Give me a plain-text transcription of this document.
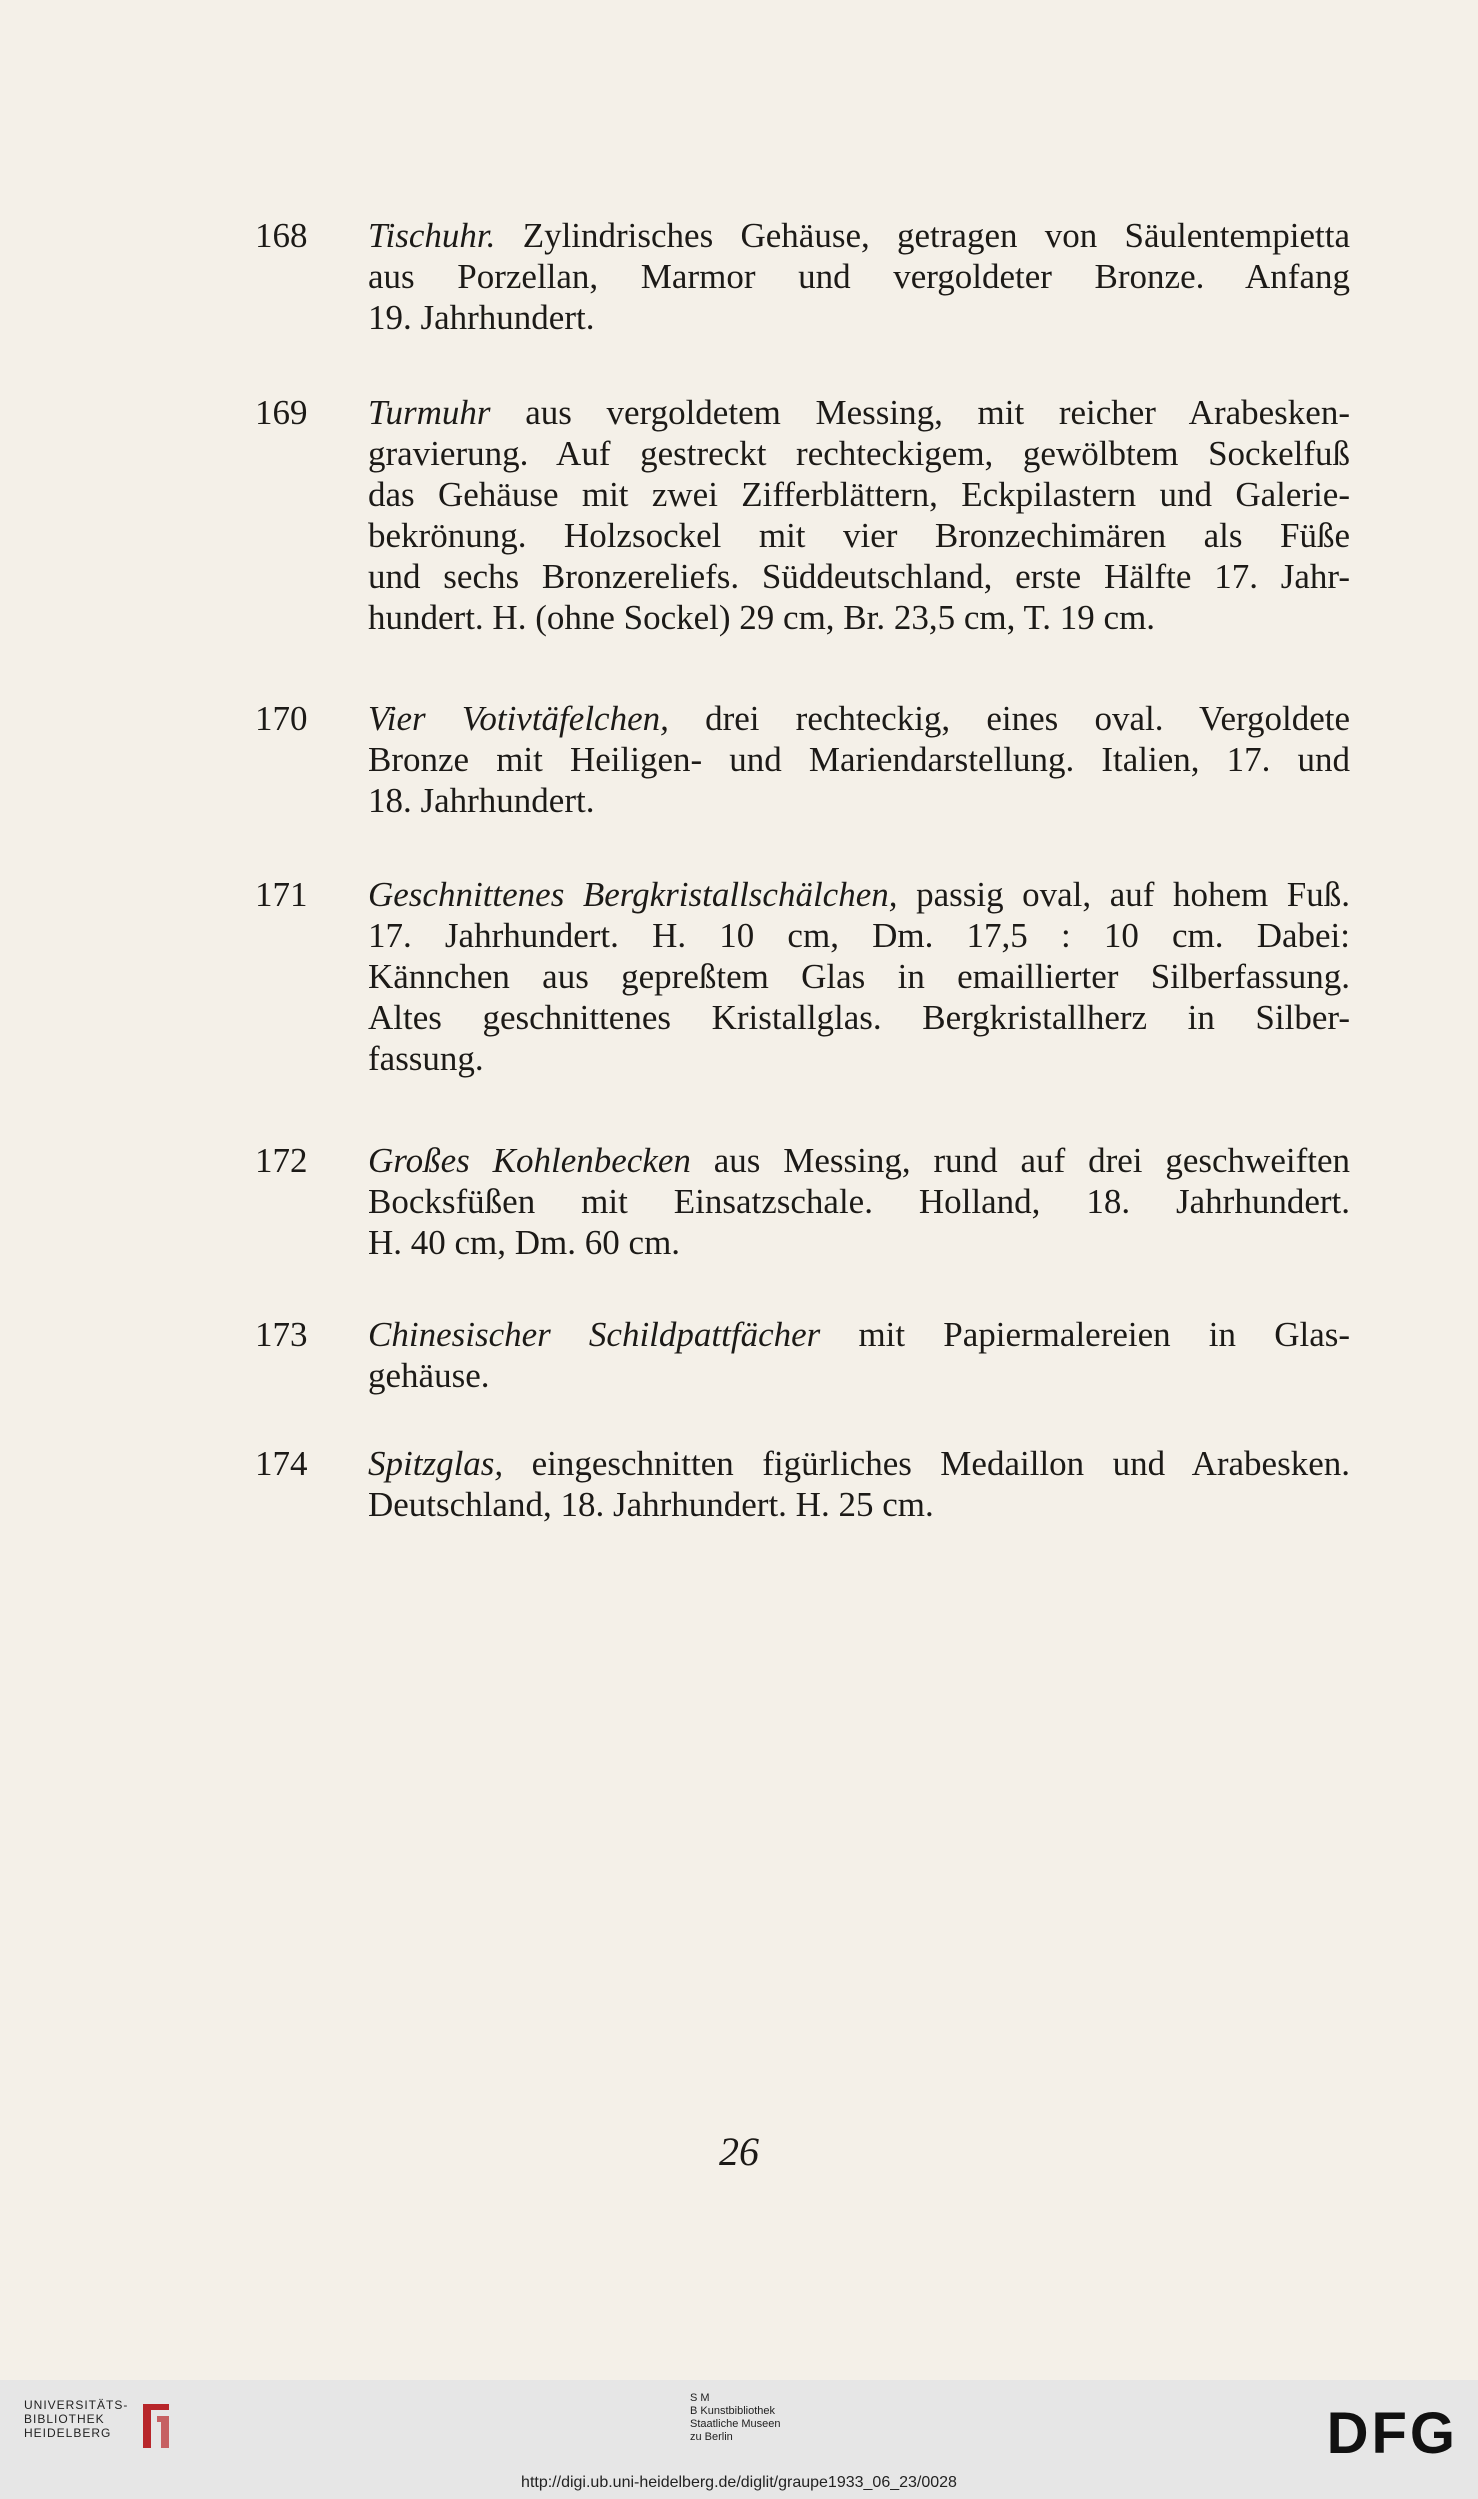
168	Tischuhr. Zylindrisches Gehäuse, getragen von Säulentempietta
aus Porzellan, Marmor und vergoldeter Bronze. Anfang
19. Jahrhundert.
169	Turmuhr aus vergoldetem Messing, mit reicher Arabesken-
gravierung. Auf gestreckt rechteckigem, gewölbtem Sockelfuß
das Gehäuse mit zwei Zifferblättern, Eckpilastern und Galerie-
bekrönung. Holzsockel mit vier Bronzechimären als Füße
und sechs Bronzereliefs. Süddeutschland, erste Hälfte 17. Jahr-
hundert. H. (ohne Sockel) 29 cm, Br. 23,5 cm, T. 19 cm.
170	Vier Votivtäfelchen, drei rechteckig, eines oval. Vergoldete
Bronze mit Heiligen- und Mariendarstellung. Italien, 17. und
18. Jahrhundert.
171	Geschnittenes Bergkristallschälchen, passig oval, auf hohem Fuß.
17. Jahrhundert. H. 10 cm, Dm. 17,5 : 10 cm. Dabei:
Kännchen aus gepreßtem Glas in emaillierter Silberfassung.
Altes geschnittenes Kristallglas. Bergkristallherz in Silber-
fassung.
172	Großes Kohlenbecken aus Messing, rund auf drei geschweiften
Bocksfüßen mit Einsatzschale. Holland, 18. Jahrhundert.
H. 40 cm, Dm. 60 cm.
173	Chinesischer Schildpattfächer mit Papiermalereien in Glas-
gehäuse.
174	Spitzglas, eingeschnitten figürliches Medaillon und Arabesken.
Deutschland, 18. Jahrhundert. H. 25 cm.
26
UNIVERSITÄTS-
BIBLIOTHEK
HEIDELBERG
S M
B Kunstbibliothek
Staatliche Museen
zu Berlin	DFG
http://digi.ub.uni-heidelberg.de/diglit/graupe1933_06_23/0028
